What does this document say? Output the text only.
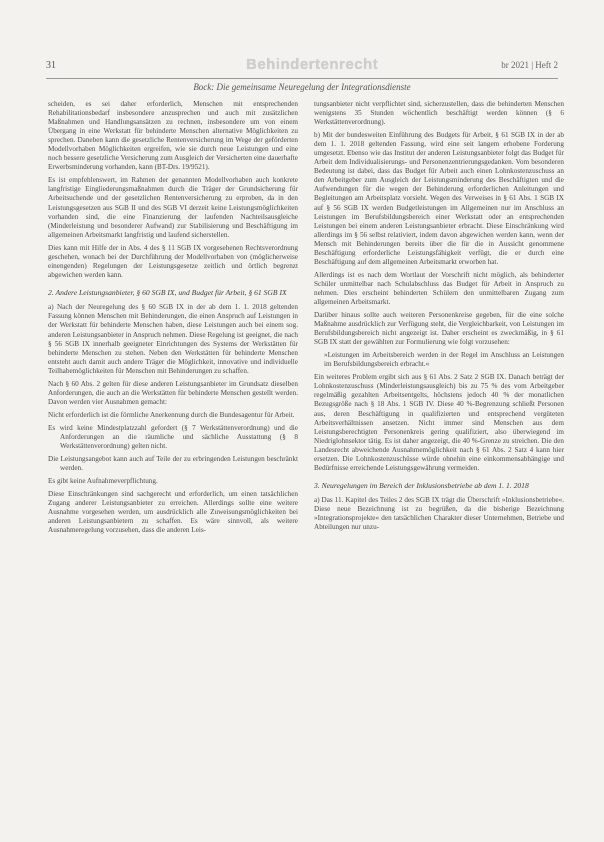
31	Behindertenrecht	br 2021 | Heft 2
Bock: Die gemeinsame Neuregelung der Integrationsdienste

scheiden, es sei daher erforderlich, Menschen mit entsprechenden Rehabilitationsbedarf insbesondere anzusprechen und auch mit zusätzlichen Maßnahmen und Handlungsansätzen zu rechnen, insbesondere um von einem Übergang in eine Werkstatt für behinderte Menschen alternative Möglichkeiten zu sprechen. Daneben kann die gesetzliche Rentenversicherung im Wege der geförderten Modellvorhaben Möglichkeiten ergreifen, wie sie durch neue Leistungen und eine noch bessere gesetzliche Versicherung zum Ausgleich der Versicherten eine dauerhafte Erwerbsminderung vorhanden, kann (BT-Drs. 19/9521).

Es ist empfehlenswert, im Rahmen der genannten Modellvorhaben auch konkrete langfristige Eingliederungsmaßnahmen durch die Träger der Grundsicherung für Arbeitsuchende und der gesetzlichen Rentenversicherung zu erproben, da in den Leistungsgesetzen aus SGB II und des SGB VI derzeit keine Leistungsmöglichkeiten vorhanden sind, die eine Finanzierung der laufenden Nachteilsausgleiche (Minderleistung und besonderer Aufwand) zur Stabilisierung und Beschäftigung im allgemeinen Arbeitsmarkt langfristig und laufend sicherstellen.

Dies kann mit Hilfe der in Abs. 4 des § 11 SGB IX vorgesehenen Rechtsverordnung geschehen, wonach bei der Durchführung der Modellvorhaben von (möglicherweise einengenden) Regelungen der Leistungsgesetze zeitlich und örtlich begrenzt abgewichen werden kann.

2. Andere Leistungsanbieter, § 60 SGB IX, und Budget für Arbeit, § 61 SGB IX

a) Nach der Neuregelung des § 60 SGB IX in der ab dem 1. 1. 2018 geltenden Fassung können Menschen mit Behinderungen, die einen Anspruch auf Leistungen in der Werkstatt für behinderte Menschen haben, diese Leistungen auch bei einem sog. anderen Leistungsanbieter in Anspruch nehmen. Diese Regelung ist geeignet, die nach § 56 SGB IX innerhalb geeigneter Einrichtungen des Systems der Werkstätten für behinderte Menschen zu stehen. Neben den Werkstätten für behinderte Menschen entsteht auch damit auch andere Träger die Möglichkeit, innovative und individuelle Teilhabemöglichkeiten für Menschen mit Behinderungen zu schaffen.

Nach § 60 Abs. 2 gelten für diese anderen Leistungsanbieter im Grundsatz dieselben Anforderungen, die auch an die Werkstätten für behinderte Menschen gestellt werden. Davon werden vier Ausnahmen gemacht:

Nicht erforderlich ist die förmliche Anerkennung durch die Bundesagentur für Arbeit.

Es wird keine Mindestplatzzahl gefordert (§ 7 Werkstättenverordnung) und die Anforderungen an die räumliche und sächliche Ausstattung (§ 8 Werkstättenverordnung) gelten nicht.

Die Leistungsangebot kann auch auf Teile der zu erbringenden Leistungen beschränkt werden.

Es gibt keine Aufnahmeverpflichtung.

Diese Einschränkungen sind sachgerecht und erforderlich, um einen tatsächlichen Zugang anderer Leistungsanbieter zu erreichen. Allerdings sollte eine weitere Ausnahme vorgesehen werden, um ausdrücklich alle Zuweisungsmöglichkeiten bei anderen Leistungsanbietern zu schaffen. Es wäre sinnvoll, als weitere Ausnahmeregelung vorzusehen, dass die anderen Leis-

tungsanbieter nicht verpflichtet sind, sicherzustellen, dass die behinderten Menschen wenigstens 35 Stunden wöchentlich beschäftigt werden können (§ 6 Werkstättenverordnung).

b) Mit der bundesweiten Einführung des Budgets für Arbeit, § 61 SGB IX in der ab dem 1. 1. 2018 geltenden Fassung, wird eine seit langem erhobene Forderung umgesetzt. Ebenso wie das Institut der anderen Leistungsanbieter folgt das Budget für Arbeit dem Individualisierungs- und Personenzentrierungsgedanken. Vom besonderen Bedeutung ist dabei, dass das Budget für Arbeit auch einen Lohnkostenzuschuss an den Arbeitgeber zum Ausgleich der Leistungsminderung des Beschäftigten und die Aufwendungen für die wegen der Behinderung erforderlichen Anleitungen und Begleitungen am Arbeitsplatz vorsieht. Wegen des Verweises in § 61 Abs. 1 SGB IX auf § 56 SGB IX werden Budgetleistungen im Allgemeinen nur im Anschluss an Leistungen im Berufsbildungsbereich einer Werkstatt oder an entsprechenden Leistungen bei einem anderen Leistungsanbieter erbracht. Diese Einschränkung wird allerdings im § 56 selbst relativiert, indem davon abgewichen werden kann, wenn der Mensch mit Behinderungen bereits über die für die in Aussicht genommene Beschäftigung erforderliche Leistungsfähigkeit verfügt, die er durch eine Beschäftigung auf dem allgemeinen Arbeitsmarkt erworben hat.

Allerdings ist es nach dem Wortlaut der Vorschrift nicht möglich, als behinderter Schüler unmittelbar nach Schulabschluss das Budget für Arbeit in Anspruch zu nehmen. Dies erscheint behinderten Schülern den unmittelbaren Zugang zum allgemeinen Arbeitsmarkt.

Darüber hinaus sollte auch weiteren Personenkreise gegeben, für die eine solche Maßnahme ausdrücklich zur Verfügung steht, die Vergleichbarkeit, von Leistungen im Berufsbildungsbereich nicht angezeigt ist. Daher erscheint es zweckmäßig, in § 61 SGB IX statt der gewählten zur Formulierung wie folgt vorzusehen:

»Leistungen im Arbeitsbereich werden in der Regel im Anschluss an Leistungen im Berufsbildungsbereich erbracht.«

Ein weiteres Problem ergibt sich aus § 61 Abs. 2 Satz 2 SGB IX. Danach beträgt der Lohnkostenzuschuss (Minderleistungsausgleich) bis zu 75 % des vom Arbeitgeber regelmäßig gezahlten Arbeitsentgelts, höchstens jedoch 40 % der monatlichen Bezugsgröße nach § 18 Abs. 1 SGB IV. Diese 40 %-Begrenzung schließt Personen aus, deren Beschäftigung in qualifizierten und entsprechend vergüteten Arbeitsverhältnissen ansetzen. Nicht immer sind Menschen aus dem Leistungsberechtigten Personenkreis gering qualifiziert, also überwiegend im Niedriglohnsektor tätig. Es ist daher angezeigt, die 40 %-Grenze zu streichen. Die den Landesrecht abweichende Ausnahmemöglichkeit nach § 61 Abs. 2 Satz 4 kann hier ersetzen. Die Lohnkostenzuschüsse würde ohnehin eine einkommensabhängige und Bedürfnisse erreichende Leistungsgewährung vermeiden.

3. Neuregelungen im Bereich der Inklusionsbetriebe ab dem 1. 1. 2018

a) Das 11. Kapitel des Teiles 2 des SGB IX trägt die Überschrift »Inklusionsbetriebe«. Diese neue Bezeichnung ist zu begrüßen, da die bisherige Bezeichnung »Integrationsprojekte« den tatsächlichen Charakter dieser Unternehmen, Betriebe und Abteilungen nur unzu-
